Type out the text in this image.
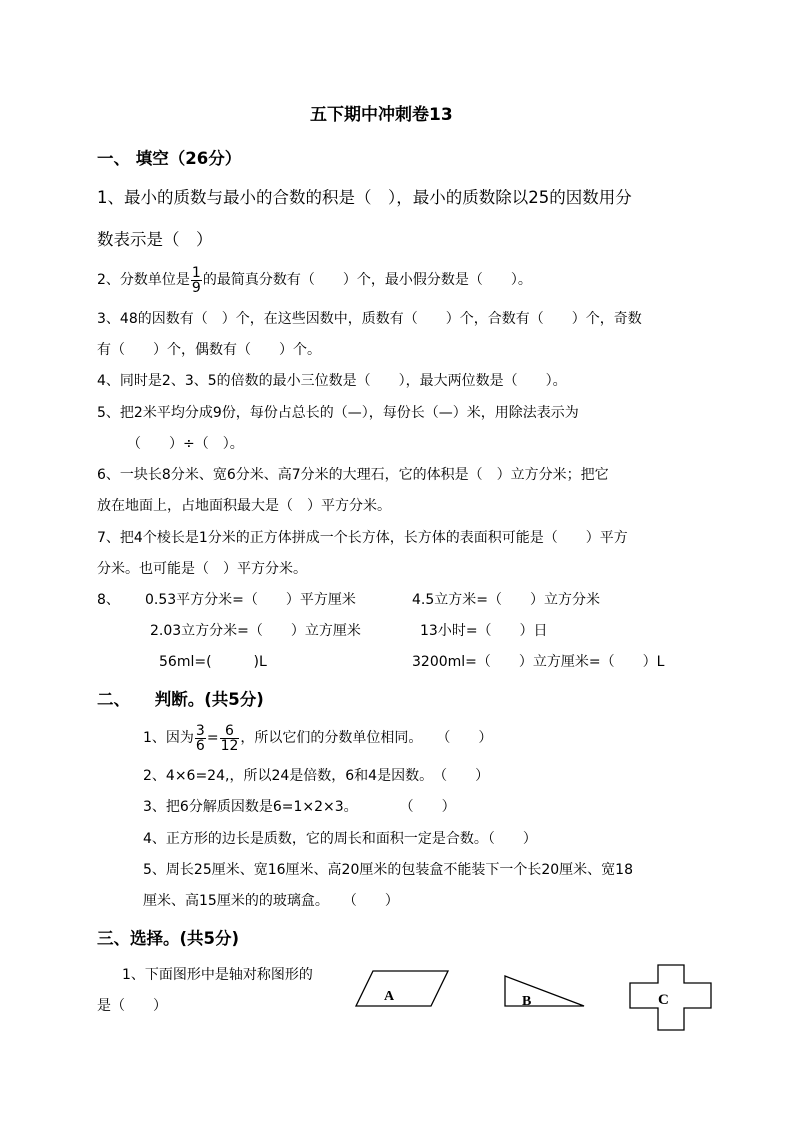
五下期中冲刺卷13
一、 填空（26分）
1、最小的质数与最小的合数的积是（　），最小的质数除以25的因数用分
数表示是（　）
2、分数单位是 $\frac{1}{9}$ 的最简真分数有（　　）个，最小假分数是（　　）。
3、48的因数有（　）个，在这些因数中，质数有（　　）个，合数有（　　）个，奇数
有（　　）个，偶数有（　　）个。
4、同时是2、3、5的倍数的最小三位数是（　　），最大两位数是（　　）。
5、把2米平均分成9份，每份占总长的（—），每份长（—）米，用除法表示为
（　　）÷（　）。
6、一块长8分米、宽6分米、高7分米的大理石，它的体积是（　）立方分米；把它
放在地面上，占地面积最大是（　）平方分米。
7、把4个棱长是1分米的正方体拼成一个长方体，长方体的表面积可能是（　　）平方
分米。也可能是（　）平方分米。
8、 0.53平方分米=（　　）平方厘米	4.5立方米=（　　）立方分米
2.03立方分米=（　　）立方厘米	13小时=（　　）日
56ml=(　　　)L	3200ml=（　　）立方厘米=（　　）L
二、　　判断。(共5分)
1、因为 $\frac{3}{6} = \frac{6}{12}$ ，所以它们的分数单位相同。　　（　　）
2、4×6=24,，所以24是倍数，6和4是因数。　（　　）
3、把6分解质因数是6=1×2×3。　　　　（　　）
4、正方形的边长是质数，它的周长和面积一定是合数。（　　）
5、周长25厘米、宽16厘米、高20厘米的包装盒不能装下一个长20厘米、宽18
厘米、高15厘米的的玻璃盒。　　（　　）
三、选择。(共5分)
1、下面图形中是轴对称图形的
是（　　）
A	B	C
